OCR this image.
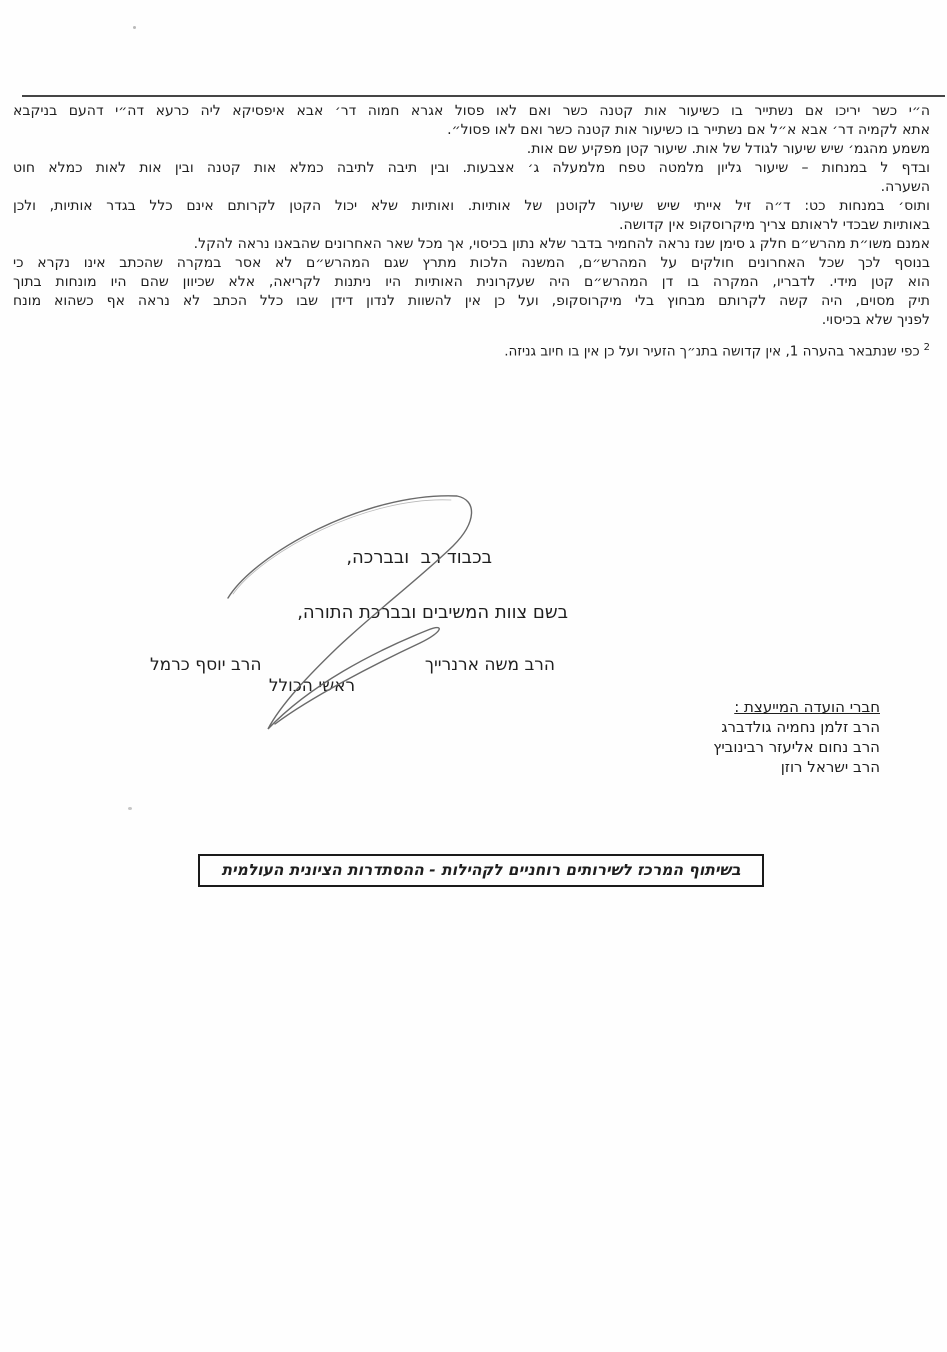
ה״י כשר יריכו אם נשתייר בו כשיעור אות קטנה כשר ואם לאו פסול אגרא חמוה דר׳ אבא איפסיקא ליה כרעא דה״י דהעם בניקבא
אתא לקמיה דר׳ אבא א״ל אם נשתייר בו כשיעור אות קטנה כשר ואם לאו פסול״.
משמע מהגמ׳ שיש שיעור לגודל של אות. שיעור קטן מפקיע שם אות.
ובדף ל במנחות – שיעור גליון מלמטה טפח מלמעלה ג׳ אצבעות. ובין תיבה לתיבה כמלא אות קטנה ובין אות לאות כמלא חוט
השערה.
ותוס׳ במנחות כט: ד״ה זיל אייתי שיש שיעור לקוטנן של אותיות. ואותיות שלא יכול הקטן לקרותם אינם כלל בגדר אותיות, ולכן
באותיות שבכדי לראותם צריך מיקרוסקופ אין קדושה.
אמנם משו״ת מהרש״ם חלק ג סימן שנז נראה להחמיר בדבר שלא נתון בכיסוי, אך מכל שאר האחרונים שהבאנו נראה להקל.
בנוסף לכך שכל האחרונים חולקים על המהרש״ם, המשנה הלכות מתרץ שגם המהרש״ם לא אסר במקרה שהכתב אינו נקרא כי
הוא קטן מידי. לדבריו, המקרה בו דן המהרש״ם היה שעקרונית האותיות היו ניתנות לקריאה, אלא שכיוון שהם היו מונחות בתוך
תיק מסוים, היה קשה לקרותם מבחוץ בלי מיקרוסקופ, ועל כן אין להשוות לנדון דידן שבו כלל הכתב לא נראה אף כשהוא מונח
לפניך שלא בכיסוי.
$^2$כפי שנתבאר בהערה 1, אין קדושה בתנ״ך הזעיר ועל כן אין בו חיוב גניזה.
בכבוד רב  ובברכה,
בשם צוות המשיבים ובברכת התורה,
הרב משה ארנרייך
הרב יוסף כרמל
ראשי הכולל
חברי הועדה המייעצת :
הרב זלמן נחמיה גולדברג
הרב נחום אליעזר רבינוביץ
הרב ישראל רוזן
בשיתוף המרכז לשירותים רוחניים לקהילות - ההסתדרות הציונית העולמית
